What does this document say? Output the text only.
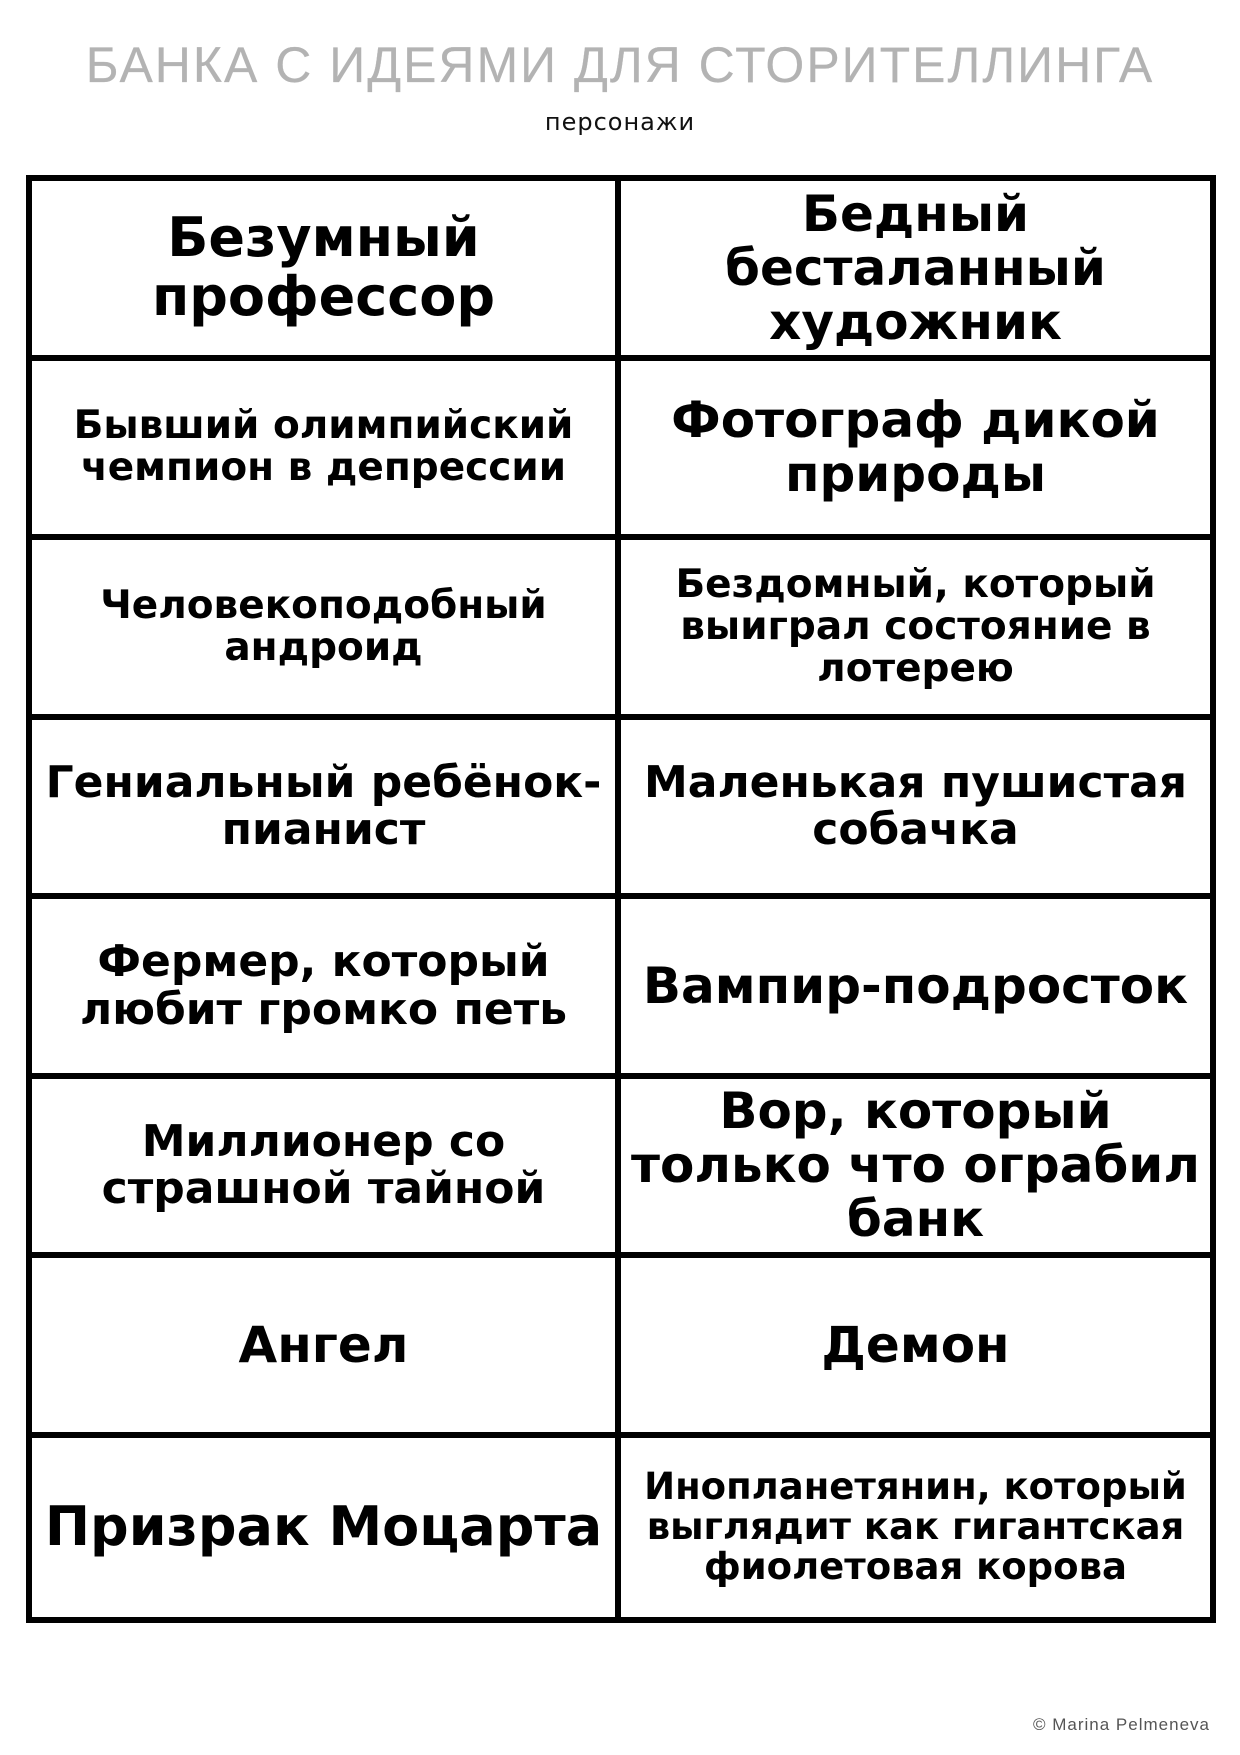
БАНКА С ИДЕЯМИ ДЛЯ СТОРИТЕЛЛИНГА
персонажи
Безумный профессор
Бедный бесталанный художник
Бывший олимпийский чемпион в депрессии
Фотограф дикой природы
Человекоподобный андроид
Бездомный, который выиграл состояние в лотерею
Гениальный ребёнок-пианист
Маленькая пушистая собачка
Фермер, который любит громко петь	Вампир-подросток
Миллионер со страшной тайной
Вор, который только что ограбил банк
Ангел	Демон
Призрак Моцарта
Инопланетянин, который выглядит как гигантская фиолетовая корова
© Marina Pelmeneva
